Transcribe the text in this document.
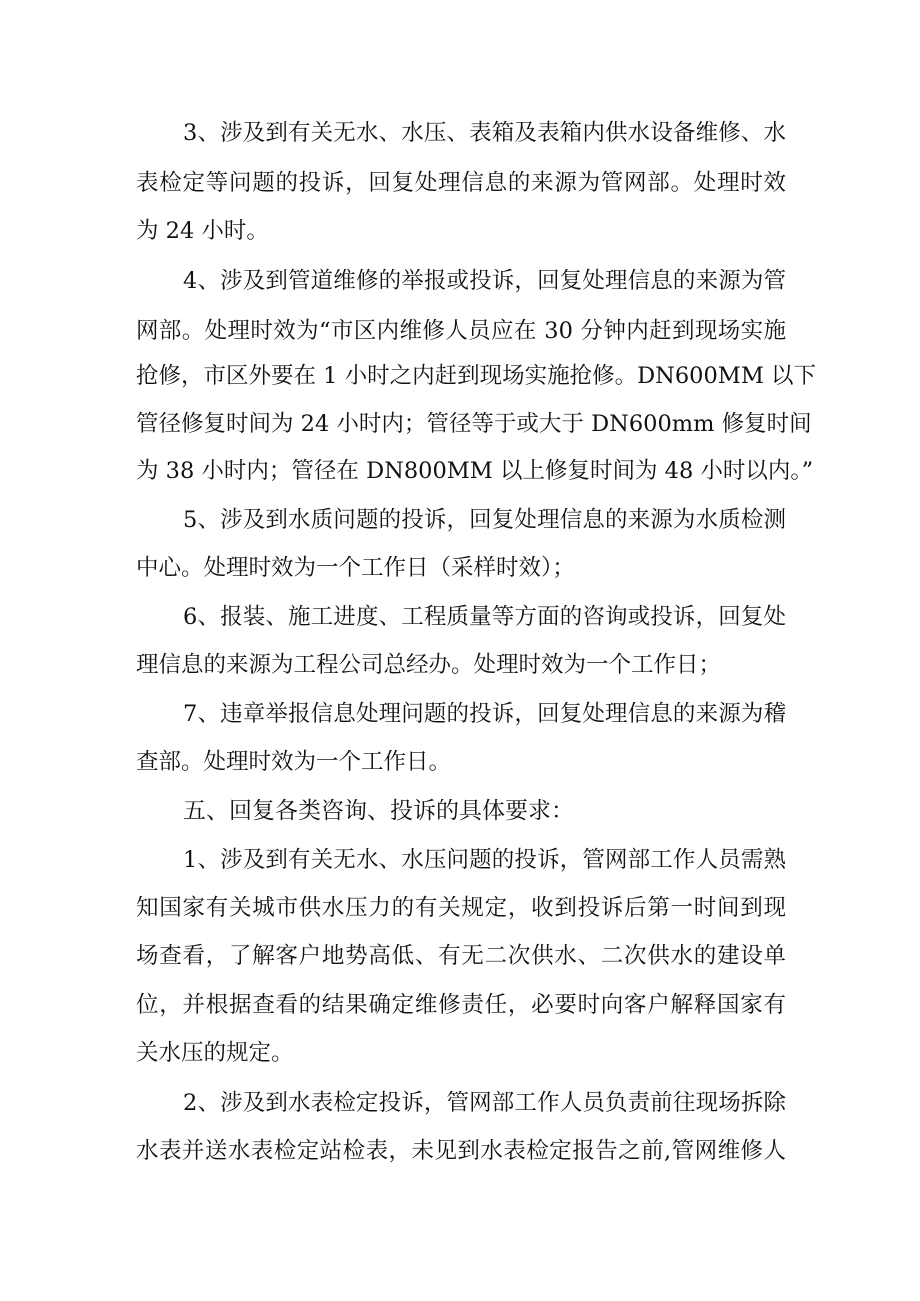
3、涉及到有关无水、水压、表箱及表箱内供水设备维修、水
表检定等问题的投诉，回复处理信息的来源为管网部。处理时效
为 24 小时。
4、涉及到管道维修的举报或投诉，回复处理信息的来源为管
网部。处理时效为“市区内维修人员应在 30 分钟内赶到现场实施
抢修，市区外要在 1 小时之内赶到现场实施抢修。DN600MM 以下
管径修复时间为 24 小时内；管径等于或大于 DN600mm 修复时间
为 38 小时内；管径在 DN800MM 以上修复时间为 48 小时以内。”
5、涉及到水质问题的投诉，回复处理信息的来源为水质检测
中心。处理时效为一个工作日（采样时效）；
6、报装、施工进度、工程质量等方面的咨询或投诉，回复处
理信息的来源为工程公司总经办。处理时效为一个工作日；
7、违章举报信息处理问题的投诉，回复处理信息的来源为稽
查部。处理时效为一个工作日。
五、回复各类咨询、投诉的具体要求：
1、涉及到有关无水、水压问题的投诉，管网部工作人员需熟
知国家有关城市供水压力的有关规定，收到投诉后第一时间到现
场查看，了解客户地势高低、有无二次供水、二次供水的建设单
位，并根据查看的结果确定维修责任，必要时向客户解释国家有
关水压的规定。
2、涉及到水表检定投诉，管网部工作人员负责前往现场拆除
水表并送水表检定站检表，未见到水表检定报告之前,管网维修人
